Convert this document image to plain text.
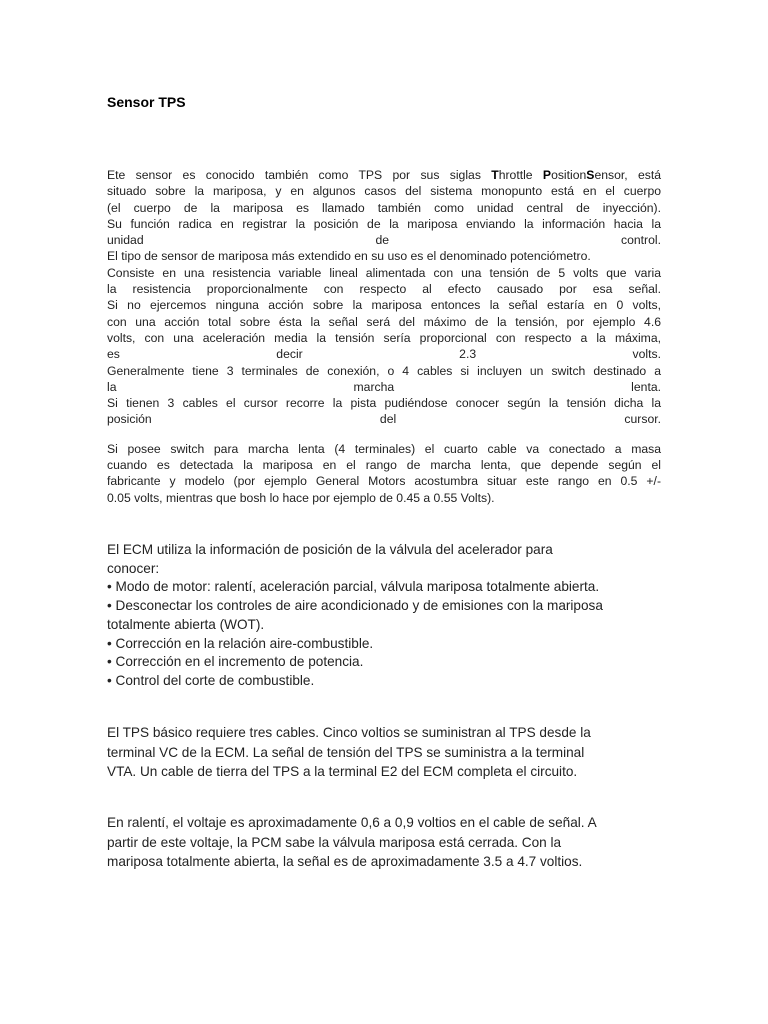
Sensor TPS
Ete sensor es conocido también como TPS por sus siglas Throttle PositionSensor, está
situado sobre la mariposa, y en algunos casos del sistema monopunto está en el cuerpo
(el cuerpo de la mariposa es llamado también como unidad central de inyección).
Su función radica en registrar la posición de la mariposa enviando la información hacia la
unidad de control.
El tipo de sensor de mariposa más extendido en su uso es el denominado potenciómetro.
Consiste en una resistencia variable lineal alimentada con una tensión de 5 volts que varia
la resistencia proporcionalmente con respecto al efecto causado por esa señal.
Si no ejercemos ninguna acción sobre la mariposa entonces la señal estaría en 0 volts,
con una acción total sobre ésta la señal será del máximo de la tensión, por ejemplo 4.6
volts, con una aceleración media la tensión sería proporcional con respecto a la máxima,
es decir 2.3 volts.
Generalmente tiene 3 terminales de conexión, o 4 cables si incluyen un switch destinado a
la marcha lenta.
Si tienen 3 cables el cursor recorre la pista pudiéndose conocer según la tensión dicha la
posición del cursor.
Si posee switch para marcha lenta (4 terminales) el cuarto cable va conectado a masa
cuando es detectada la mariposa en el rango de marcha lenta, que depende según el
fabricante y modelo (por ejemplo General Motors acostumbra situar este rango en 0.5 +/-
0.05 volts, mientras que bosh lo hace por ejemplo de 0.45 a 0.55 Volts).
El ECM utiliza la información de posición de la válvula del acelerador para
conocer:
• Modo de motor: ralentí, aceleración parcial, válvula mariposa totalmente abierta.
• Desconectar los controles de aire acondicionado y de emisiones con la mariposa
totalmente abierta (WOT).
• Corrección en la relación aire-combustible.
• Corrección en el incremento de potencia.
• Control del corte de combustible.
El TPS básico requiere tres cables. Cinco voltios se suministran al TPS desde la
terminal VC de la ECM. La señal de tensión del TPS se suministra a la terminal
VTA. Un cable de tierra del TPS a la terminal E2 del ECM completa el circuito.
En ralentí, el voltaje es aproximadamente 0,6 a 0,9 voltios en el cable de señal. A
partir de este voltaje, la PCM sabe la válvula mariposa está cerrada. Con la
mariposa totalmente abierta, la señal es de aproximadamente 3.5 a 4.7 voltios.
